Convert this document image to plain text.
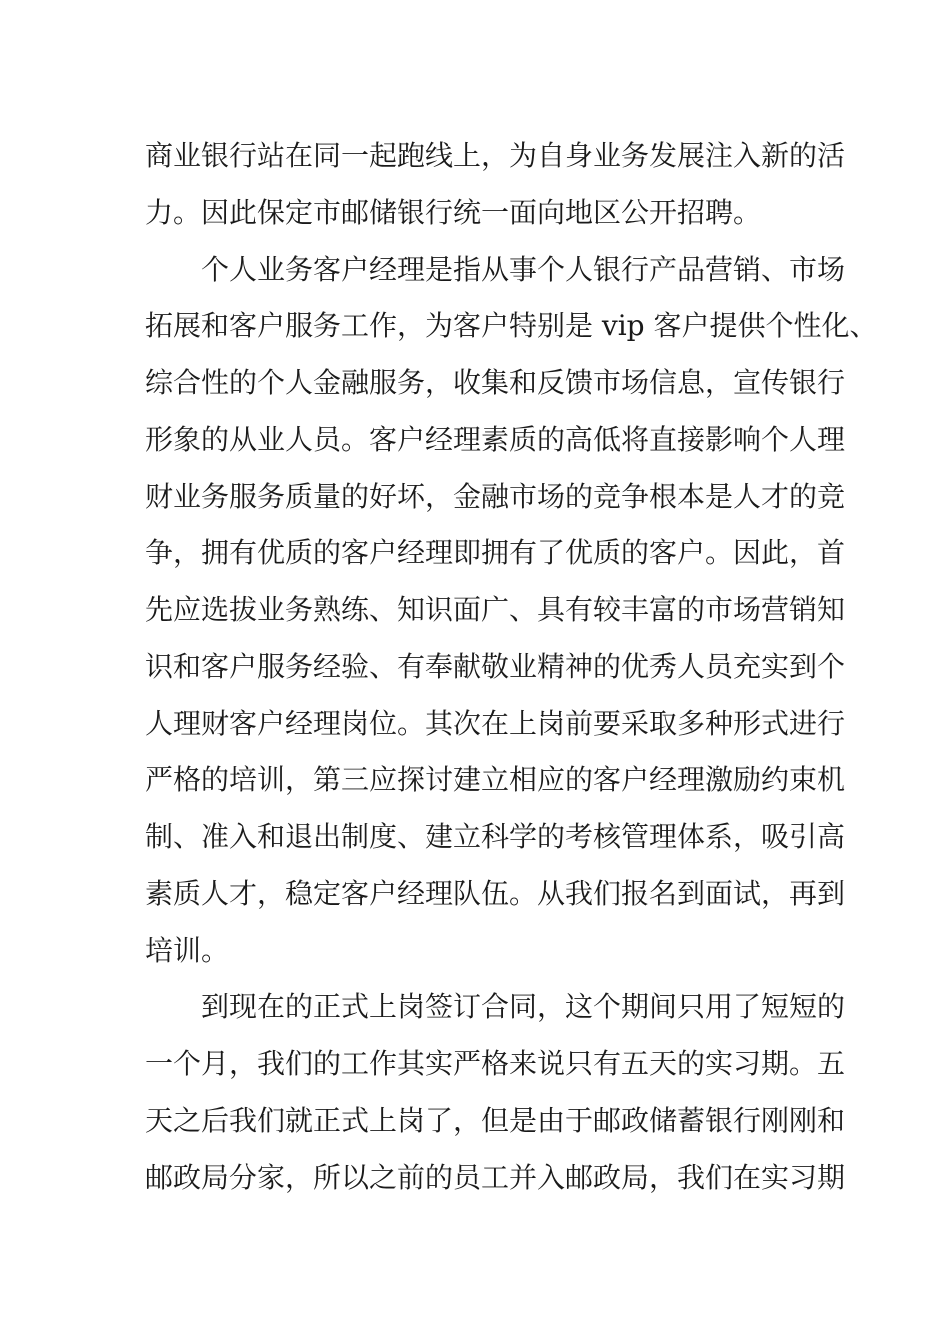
商业银行站在同一起跑线上，为自身业务发展注入新的活
力。因此保定市邮储银行统一面向地区公开招聘。
个人业务客户经理是指从事个人银行产品营销、市场
拓展和客户服务工作，为客户特别是 vip 客户提供个性化、
综合性的个人金融服务，收集和反馈市场信息，宣传银行
形象的从业人员。客户经理素质的高低将直接影响个人理
财业务服务质量的好坏，金融市场的竞争根本是人才的竞
争，拥有优质的客户经理即拥有了优质的客户。因此，首
先应选拔业务熟练、知识面广、具有较丰富的市场营销知
识和客户服务经验、有奉献敬业精神的优秀人员充实到个
人理财客户经理岗位。其次在上岗前要采取多种形式进行
严格的培训，第三应探讨建立相应的客户经理激励约束机
制、准入和退出制度、建立科学的考核管理体系，吸引高
素质人才，稳定客户经理队伍。从我们报名到面试，再到
培训。
到现在的正式上岗签订合同，这个期间只用了短短的
一个月，我们的工作其实严格来说只有五天的实习期。五
天之后我们就正式上岗了，但是由于邮政储蓄银行刚刚和
邮政局分家，所以之前的员工并入邮政局，我们在实习期
